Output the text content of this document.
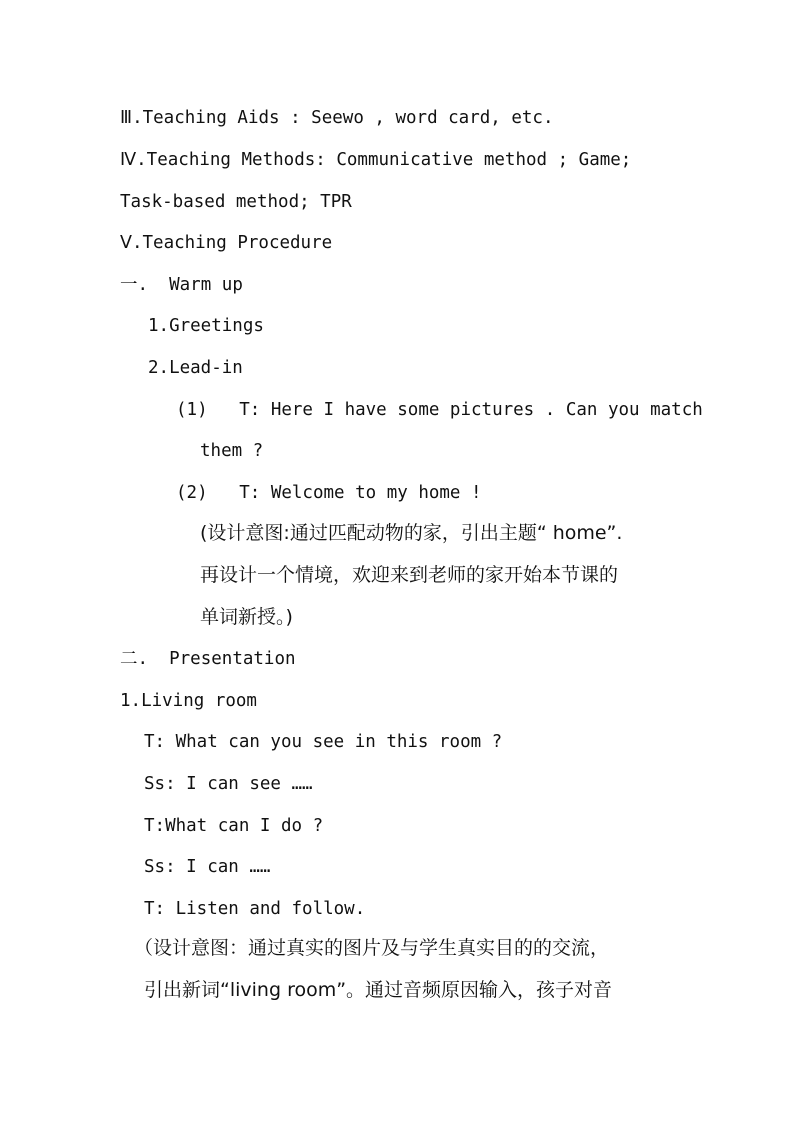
Ⅲ.Teaching Aids : Seewo , word card, etc.
Ⅳ.Teaching Methods: Communicative method ; Game;
Task-based method; TPR
Ⅴ.Teaching Procedure
一.  Warm up
1.Greetings
2.Lead-in
(1)   T: Here I have some pictures . Can you match
them ?
(2)   T: Welcome to my home !
(设计意图:通过匹配动物的家，引出主题“ home”.
再设计一个情境，欢迎来到老师的家开始本节课的
单词新授。)
二.  Presentation
1.Living room
T: What can you see in this room ?
Ss: I can see ……
T:What can I do ?
Ss: I can ……
T: Listen and follow.
（设计意图：通过真实的图片及与学生真实目的的交流，
引出新词“living room”。通过音频原因输入，孩子对音
